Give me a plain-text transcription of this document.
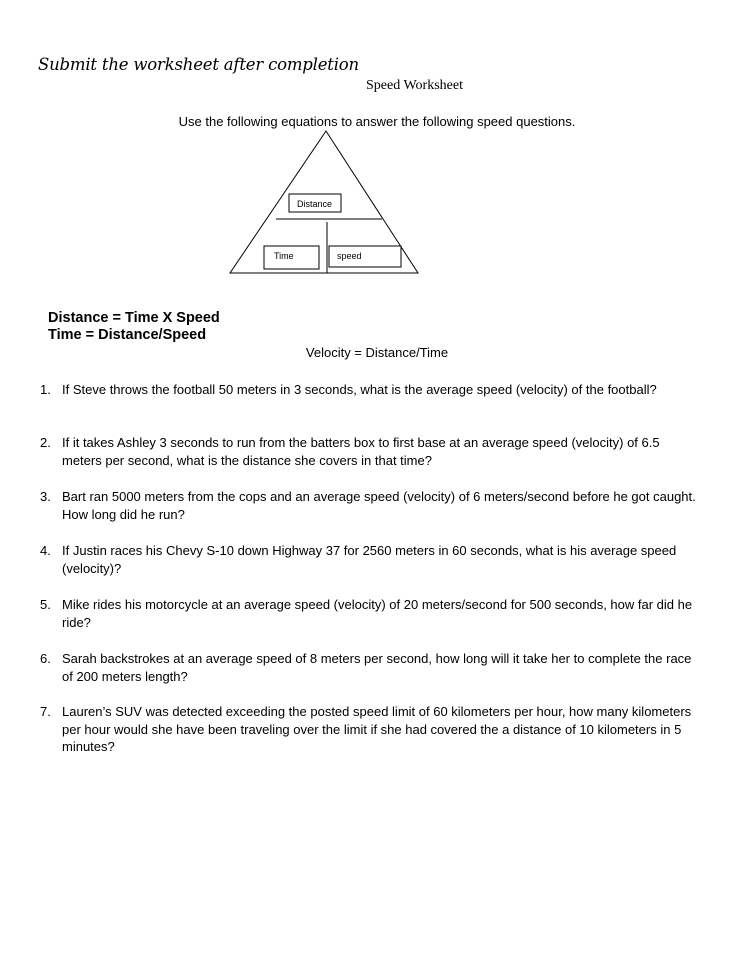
Submit the worksheet after completion
Speed Worksheet
Use the following equations to answer the following speed questions.
Distance
Time	speed
Distance = Time X Speed
Time = Distance/Speed
Velocity = Distance/Time
1. If Steve throws the football 50 meters in 3 seconds, what is the average speed (velocity) of the football?
2. If it takes Ashley 3 seconds to run from the batters box to first base at an average speed (velocity) of 6.5 meters per second, what is the distance she covers in that time?
3. Bart ran 5000 meters from the cops and an average speed (velocity) of 6 meters/second before he got caught. How long did he run?
4. If Justin races his Chevy S-10 down Highway 37 for 2560 meters in 60 seconds, what is his average speed (velocity)?
5. Mike rides his motorcycle at an average speed (velocity) of 20 meters/second for 500 seconds, how far did he ride?
6. Sarah backstrokes at an average speed of 8 meters per second, how long will it take her to complete the race of 200 meters length?
7. Lauren’s SUV was detected exceeding the posted speed limit of 60 kilometers per hour, how many kilometers per hour would she have been traveling over the limit if she had covered the a distance of 10 kilometers in 5 minutes?
